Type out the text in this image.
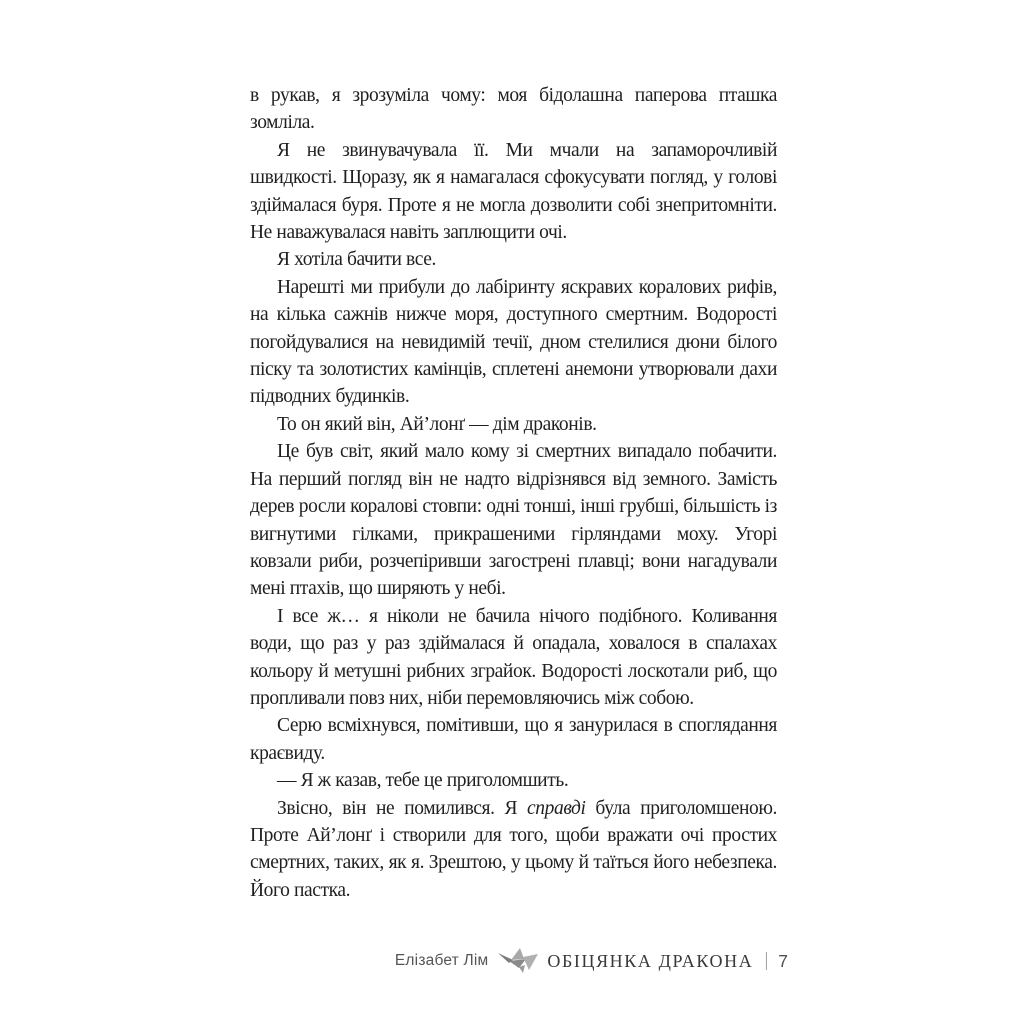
в рукав, я зрозуміла чому: моя бідолашна паперова пташка зомліла.

Я не звинувачувала її. Ми мчали на запаморочливій швидкості. Щоразу, як я намагалася сфокусувати погляд, у голові здіймалася буря. Проте я не могла дозволити собі знепритомніти. Не наважувалася навіть заплющити очі.

Я хотіла бачити все.

Нарешті ми прибули до лабіринту яскравих коралових рифів, на кілька сажнів нижче моря, доступного смертним. Водорості погойдувалися на невидимій течії, дном стелилися дюни білого піску та золотистих камінців, сплетені анемони утворювали дахи підводних будинків.

То он який він, Ай’лонґ — дім драконів.

Це був світ, який мало кому зі смертних випадало побачити. На перший погляд він не надто відрізнявся від земного. Замість дерев росли коралові стовпи: одні тонші, інші грубші, більшість із вигнутими гілками, прикрашеними гірляндами моху. Угорі ковзали риби, розчепіривши загострені плавці; вони нагадували мені птахів, що ширяють у небі.

І все ж… я ніколи не бачила нічого подібного. Коливання води, що раз у раз здіймалася й опадала, ховалося в спалахах кольору й метушні рибних зграйок. Водорості лоскотали риб, що пропливали повз них, ніби перемовляючись між собою.

Серю всміхнувся, помітивши, що я занурилася в споглядання краєвиду.

— Я ж казав, тебе це приголомшить.

Звісно, він не помилився. Я справді була приголомшеною. Проте Ай’лонґ і створили для того, щоби вражати очі простих смертних, таких, як я. Зрештою, у цьому й таїться його небезпека. Його пастка.

Елізабет Лім	ОБІЦЯНКА ДРАКОНА | 7
